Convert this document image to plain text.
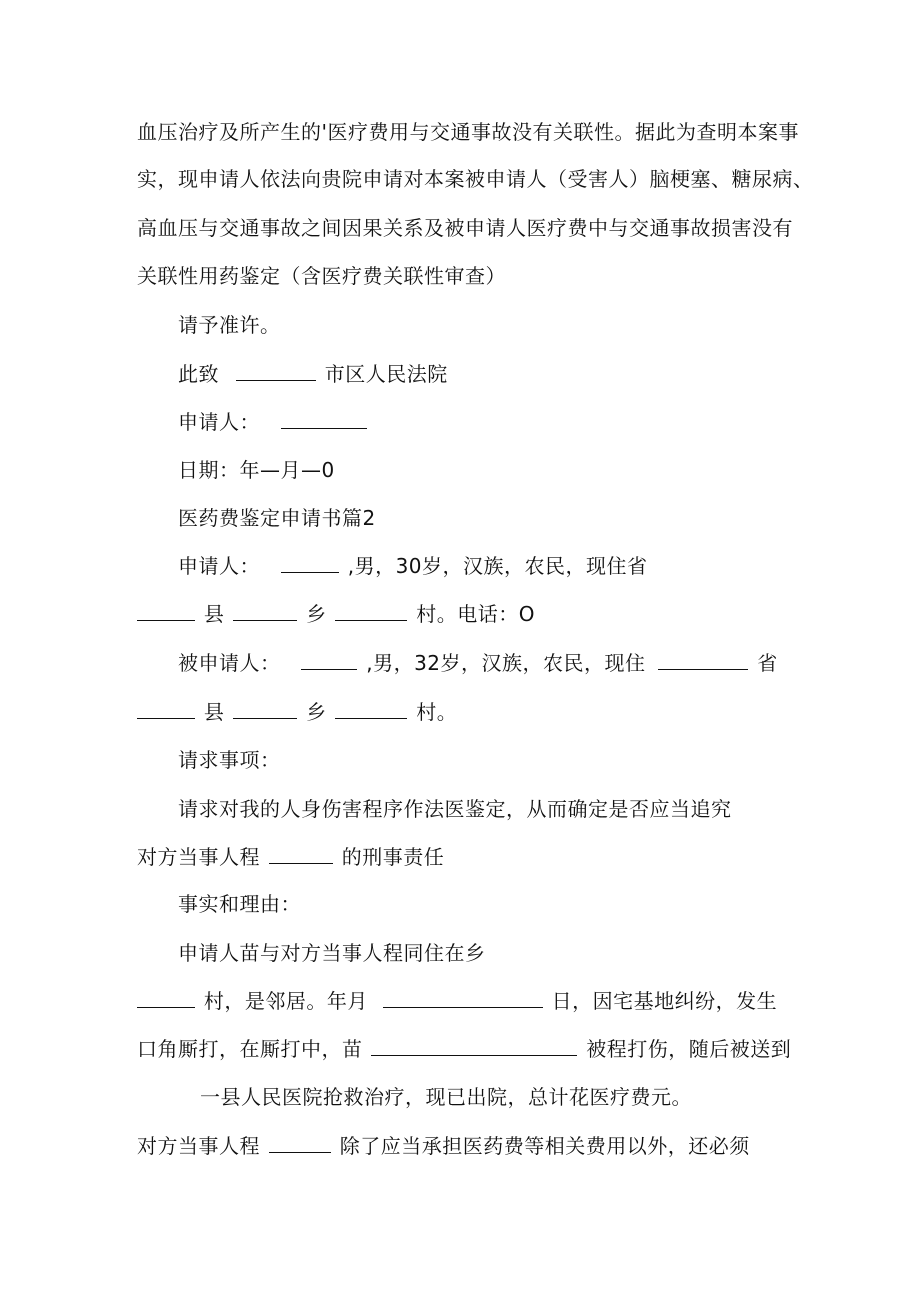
血压治疗及所产生的'医疗费用与交通事故没有关联性。据此为查明本案事
实，现申请人依法向贵院申请对本案被申请人（受害人）脑梗塞、糖尿病、
高血压与交通事故之间因果关系及被申请人医疗费中与交通事故损害没有
关联性用药鉴定（含医疗费关联性审查）
请予准许。
此致	市区人民法院
申请人：
日期：年—月—0
医药费鉴定申请书篇2
申请人：	,男，30岁，汉族，农民，现住省
县	乡	村。电话：O
被申请人：	,男，32岁，汉族，农民，现住	省
县	乡	村。
请求事项：
请求对我的人身伤害程序作法医鉴定，从而确定是否应当追究
对方当事人程	的刑事责任
事实和理由：
申请人苗与对方当事人程同住在乡
村，是邻居。年月	日，因宅基地纠纷，发生
口角厮打，在厮打中，苗	被程打伤，随后被送到
一县人民医院抢救治疗，现已出院，总计花医疗费元。
对方当事人程	除了应当承担医药费等相关费用以外，还必须
